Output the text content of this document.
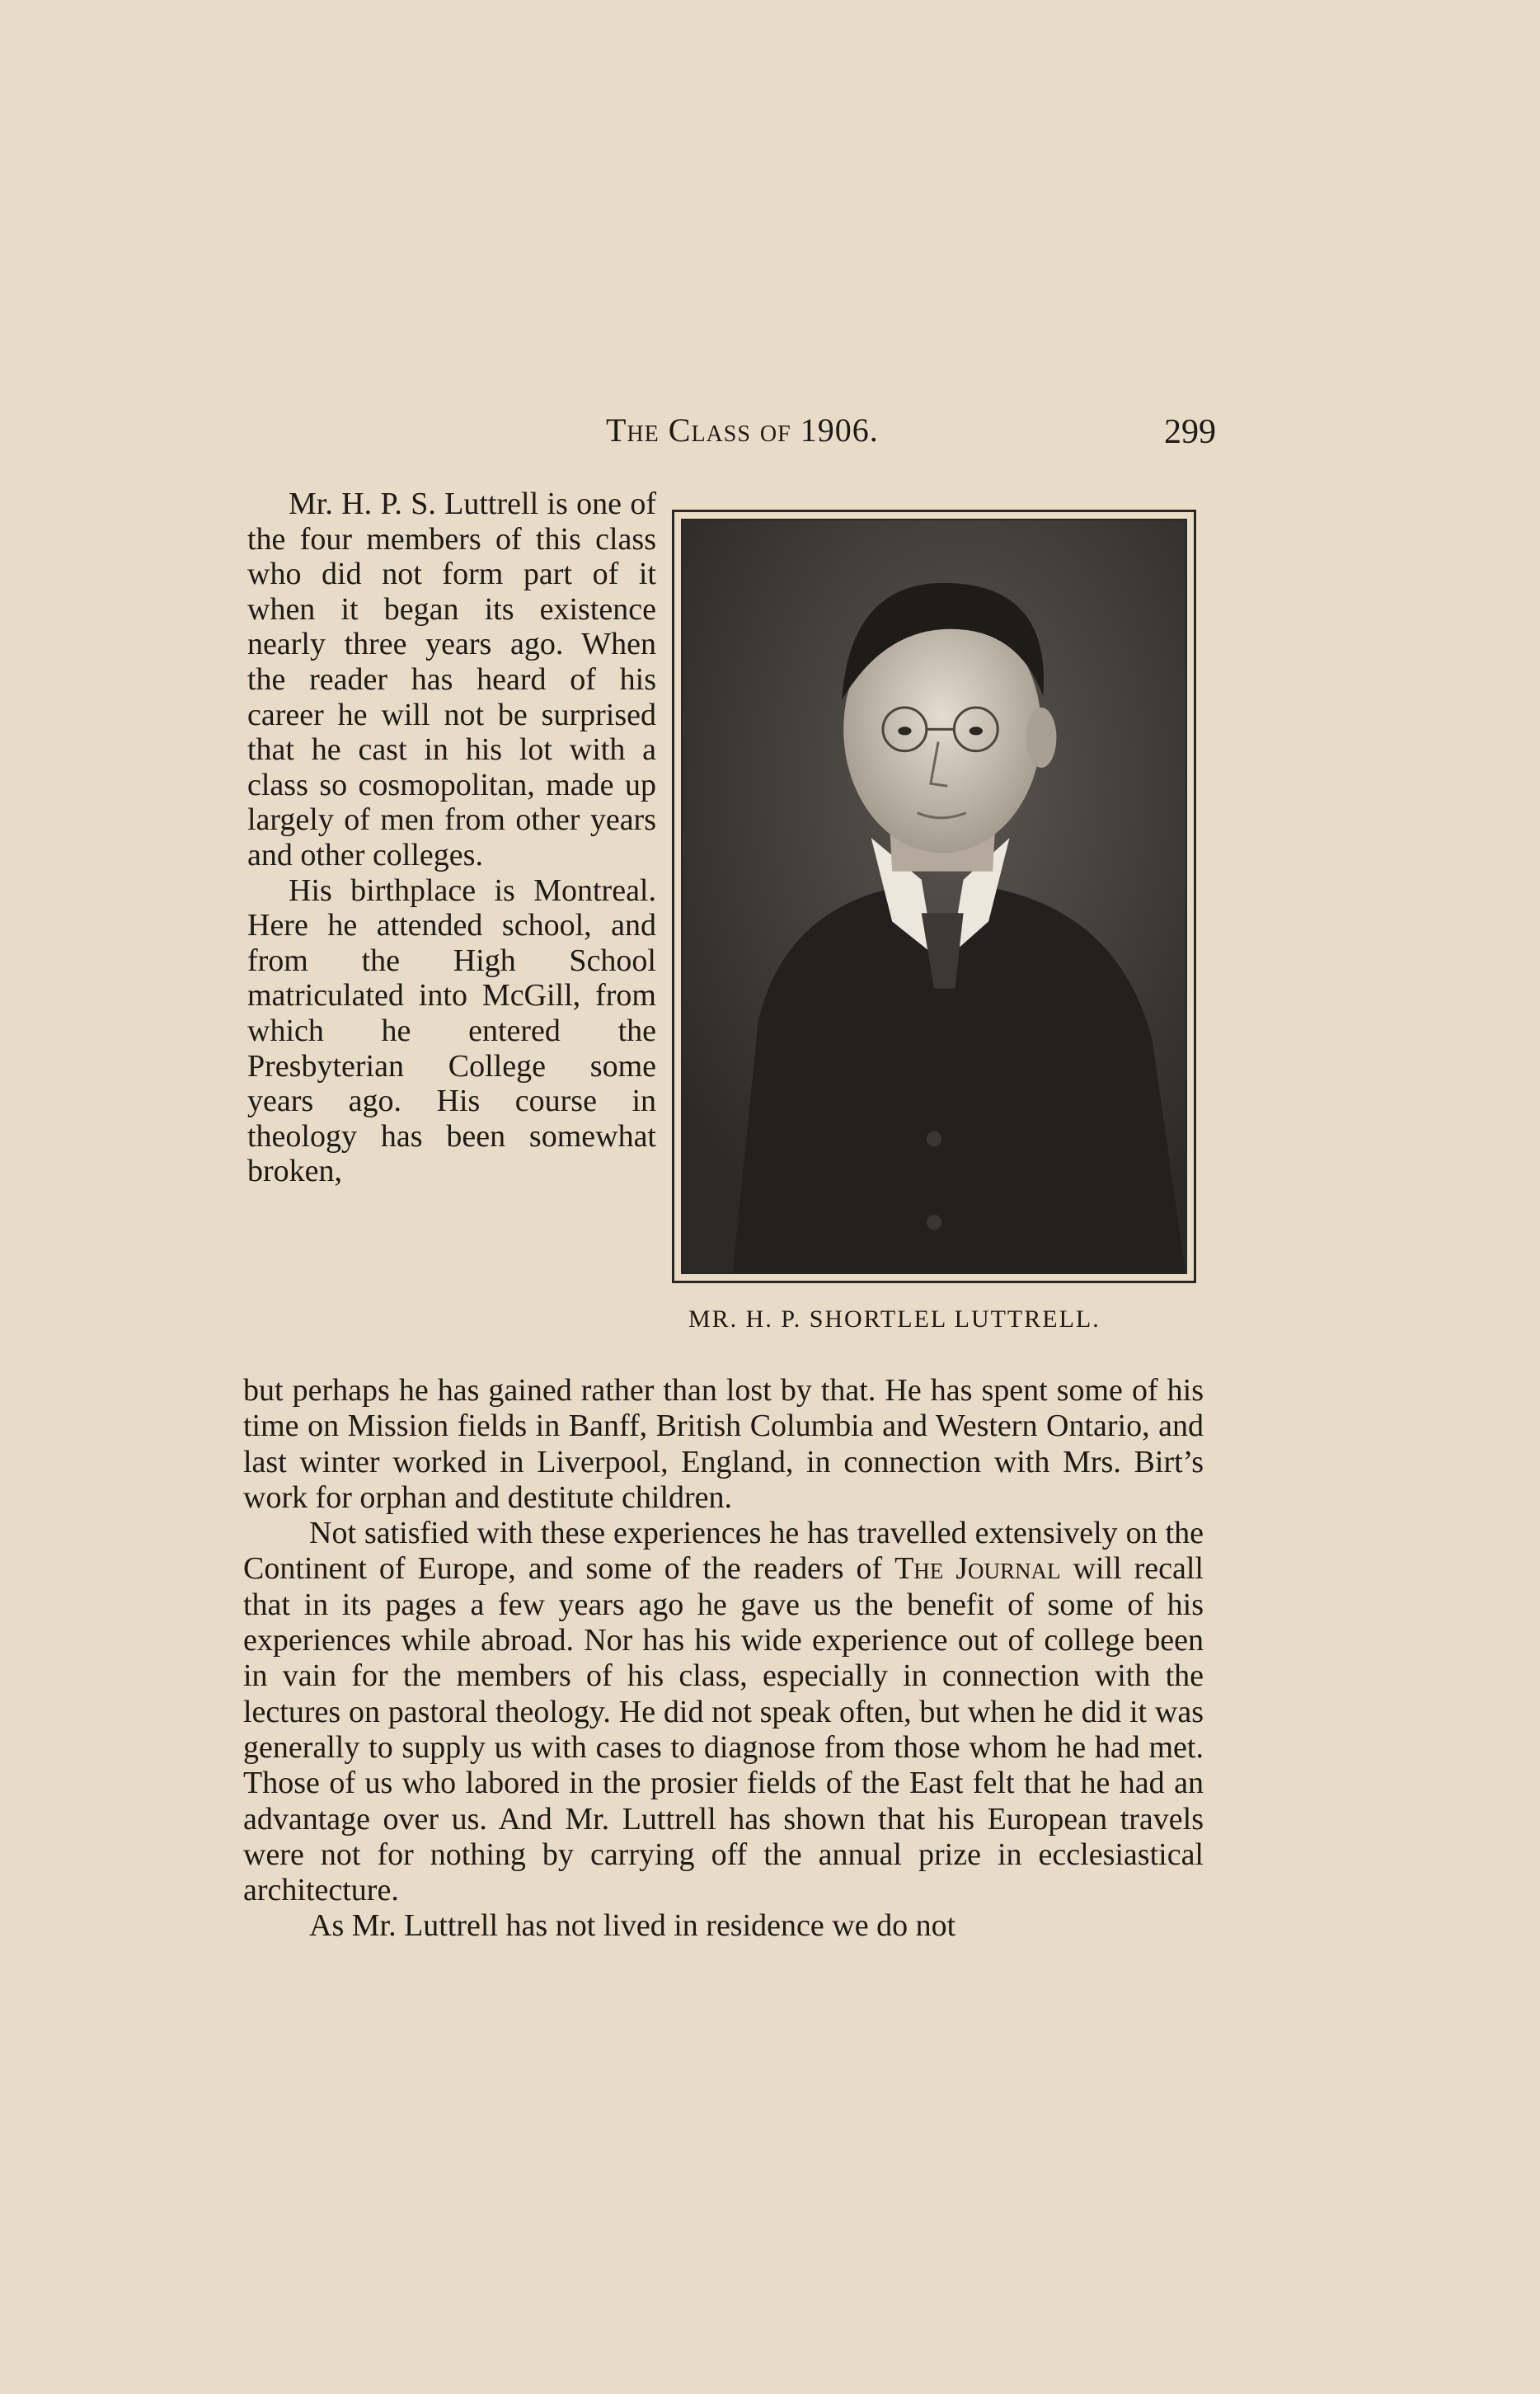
The Class of 1906.	299
MR. H. P. SHORTLEL LUTTRELL.

Mr. H. P. S. Luttrell is one of the four members of this class who did not form part of it when it began its existence nearly three years ago. When the reader has heard of his career he will not be surprised that he cast in his lot with a class so cosmopolitan, made up largely of men from other years and other colleges.

His birthplace is Montreal. Here he attended school, and from the High School matriculated into McGill, from which he entered the Presbyterian College some years ago. His course in theology has been somewhat broken,

but perhaps he has gained rather than lost by that. He has spent some of his time on Mission fields in Banff, British Columbia and Western Ontario, and last winter worked in Liverpool, England, in connection with Mrs. Birt’s work for orphan and destitute children.

Not satisfied with these experiences he has travelled extensively on the Continent of Europe, and some of the readers of The Journal will recall that in its pages a few years ago he gave us the benefit of some of his experiences while abroad. Nor has his wide experience out of college been in vain for the members of his class, especially in connection with the lectures on pastoral theology. He did not speak often, but when he did it was generally to supply us with cases to diagnose from those whom he had met. Those of us who labored in the prosier fields of the East felt that he had an advantage over us. And Mr. Luttrell has shown that his European travels were not for nothing by carrying off the annual prize in ecclesiastical architecture.

As Mr. Luttrell has not lived in residence we do not
